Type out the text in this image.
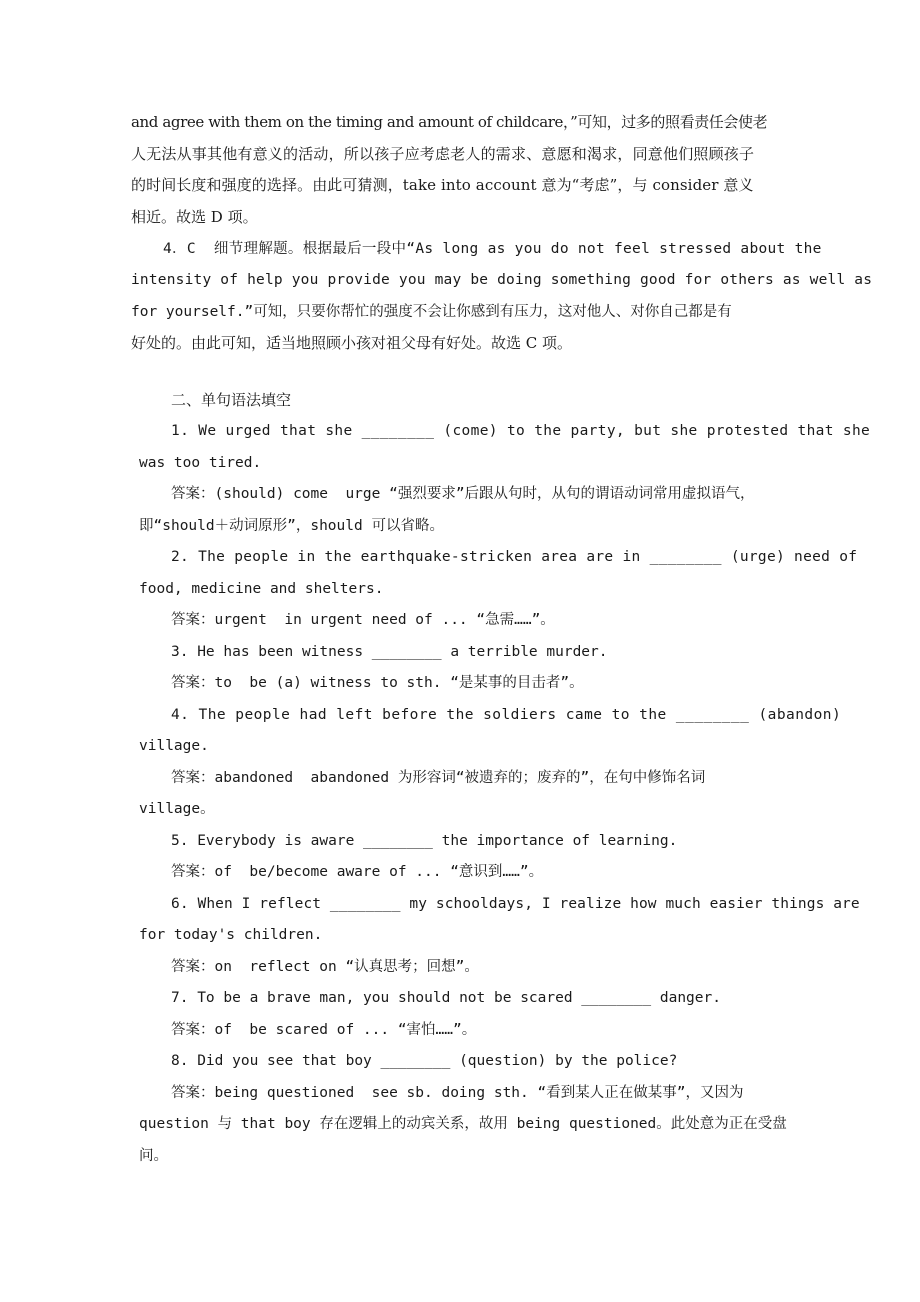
and agree with them on the timing and amount of childcare，”可知，过多的照看责任会使老
人无法从事其他有意义的活动，所以孩子应考虑老人的需求、意愿和渴求，同意他们照顾孩子
的时间长度和强度的选择。由此可猜测，take into account 意为“考虑”，与 consider 意义
相近。故选 D 项。
4．C  细节理解题。根据最后一段中“As long as you do not feel stressed about the
intensity of help you provide you may be doing something good for others as well as
for yourself.”可知，只要你帮忙的强度不会让你感到有压力，这对他人、对你自己都是有
好处的。由此可知，适当地照顾小孩对祖父母有好处。故选 C 项。
二、单句语法填空
1. We urged that she ________ (come) to the party, but she protested that she
was too tired.
答案：(should) come  urge “强烈要求”后跟从句时，从句的谓语动词常用虚拟语气，
即“should＋动词原形”，should 可以省略。
2. The people in the earthquake-stricken area are in ________ (urge) need of
food, medicine and shelters.
答案：urgent  in urgent need of ... “急需……”。
3. He has been witness ________ a terrible murder.
答案：to  be (a) witness to sth. “是某事的目击者”。
4. The people had left before the soldiers came to the ________ (abandon)
village.
答案：abandoned  abandoned 为形容词“被遗弃的；废弃的”，在句中修饰名词
village。
5. Everybody is aware ________ the importance of learning.
答案：of  be/become aware of ... “意识到……”。
6. When I reflect ________ my schooldays, I realize how much easier things are
for today's children.
答案：on  reflect on “认真思考；回想”。
7. To be a brave man, you should not be scared ________ danger.
答案：of  be scared of ... “害怕……”。
8. Did you see that boy ________ (question) by the police?
答案：being questioned  see sb. doing sth. “看到某人正在做某事”，又因为
question 与 that boy 存在逻辑上的动宾关系，故用 being questioned。此处意为正在受盘
问。
